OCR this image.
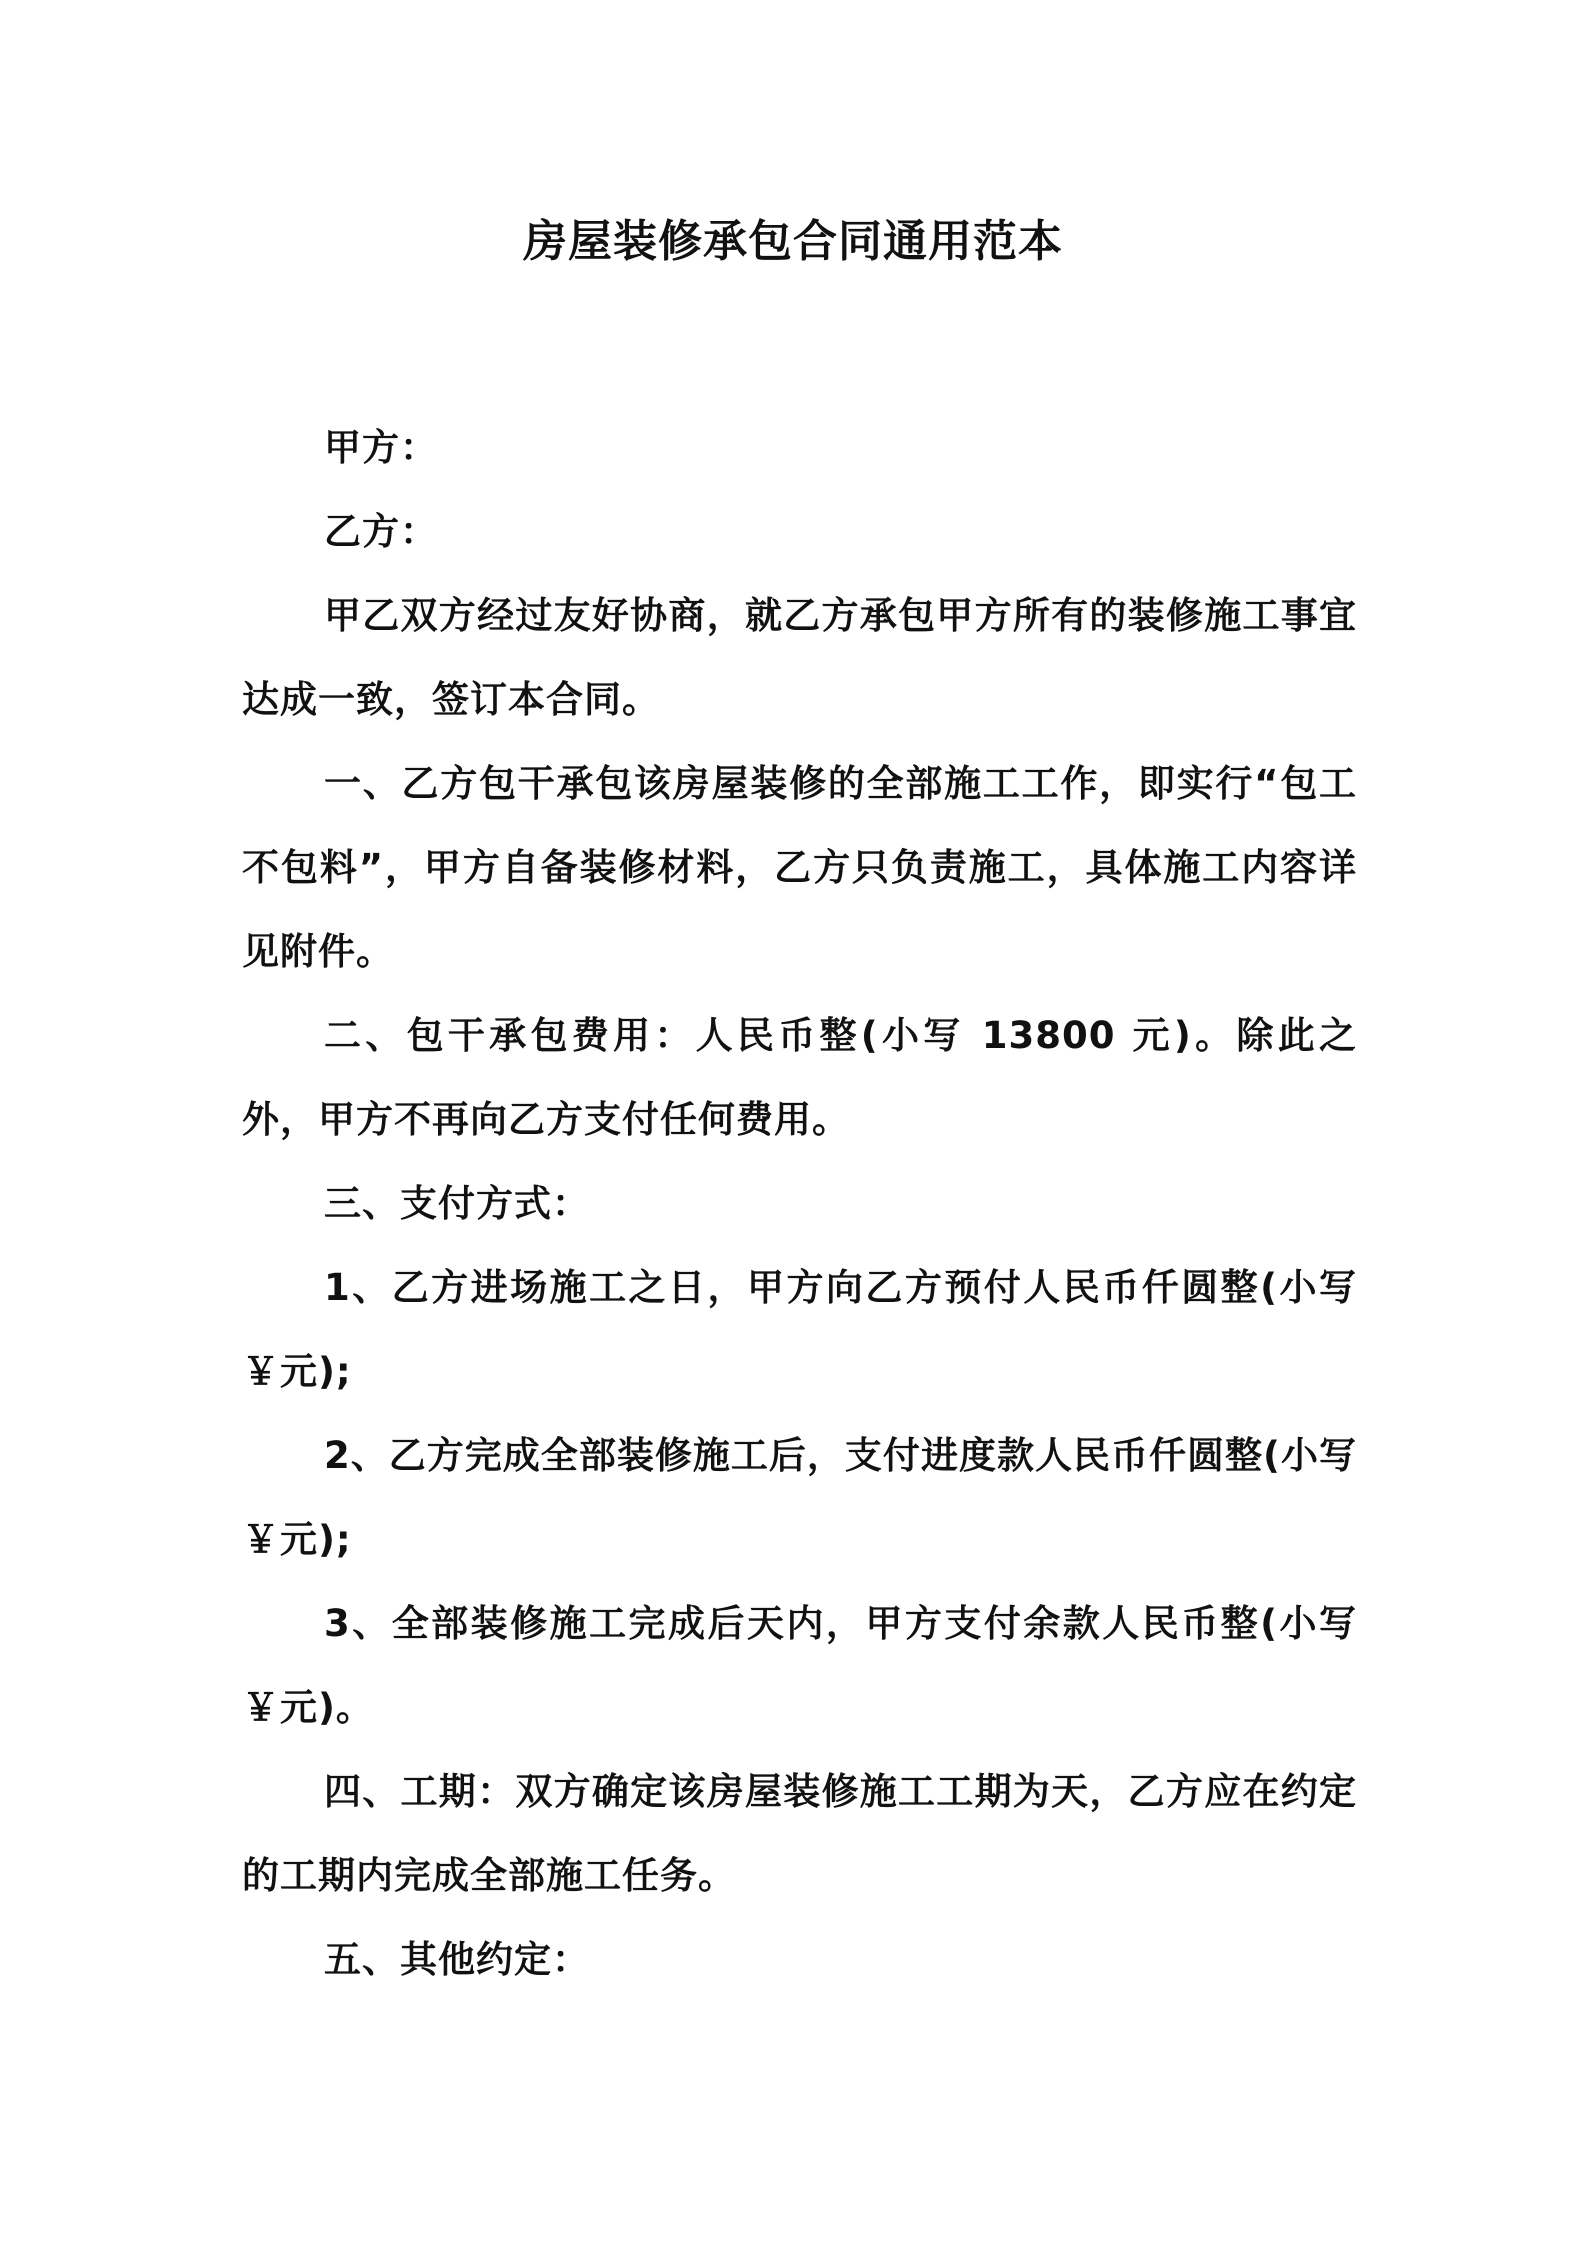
房屋装修承包合同通用范本

甲方：

乙方：

甲乙双方经过友好协商，就乙方承包甲方所有的装修施工事宜达成一致，签订本合同。

一、乙方包干承包该房屋装修的全部施工工作，即实行“包工不包料”，甲方自备装修材料，乙方只负责施工，具体施工内容详见附件。

二、包干承包费用：人民币整(小写 13800 元)。除此之外，甲方不再向乙方支付任何费用。

三、支付方式：

1、乙方进场施工之日，甲方向乙方预付人民币仟圆整(小写￥元);

2、乙方完成全部装修施工后，支付进度款人民币仟圆整(小写￥元);

3、全部装修施工完成后天内，甲方支付余款人民币整(小写￥元)。

四、工期：双方确定该房屋装修施工工期为天，乙方应在约定的工期内完成全部施工任务。

五、其他约定：
